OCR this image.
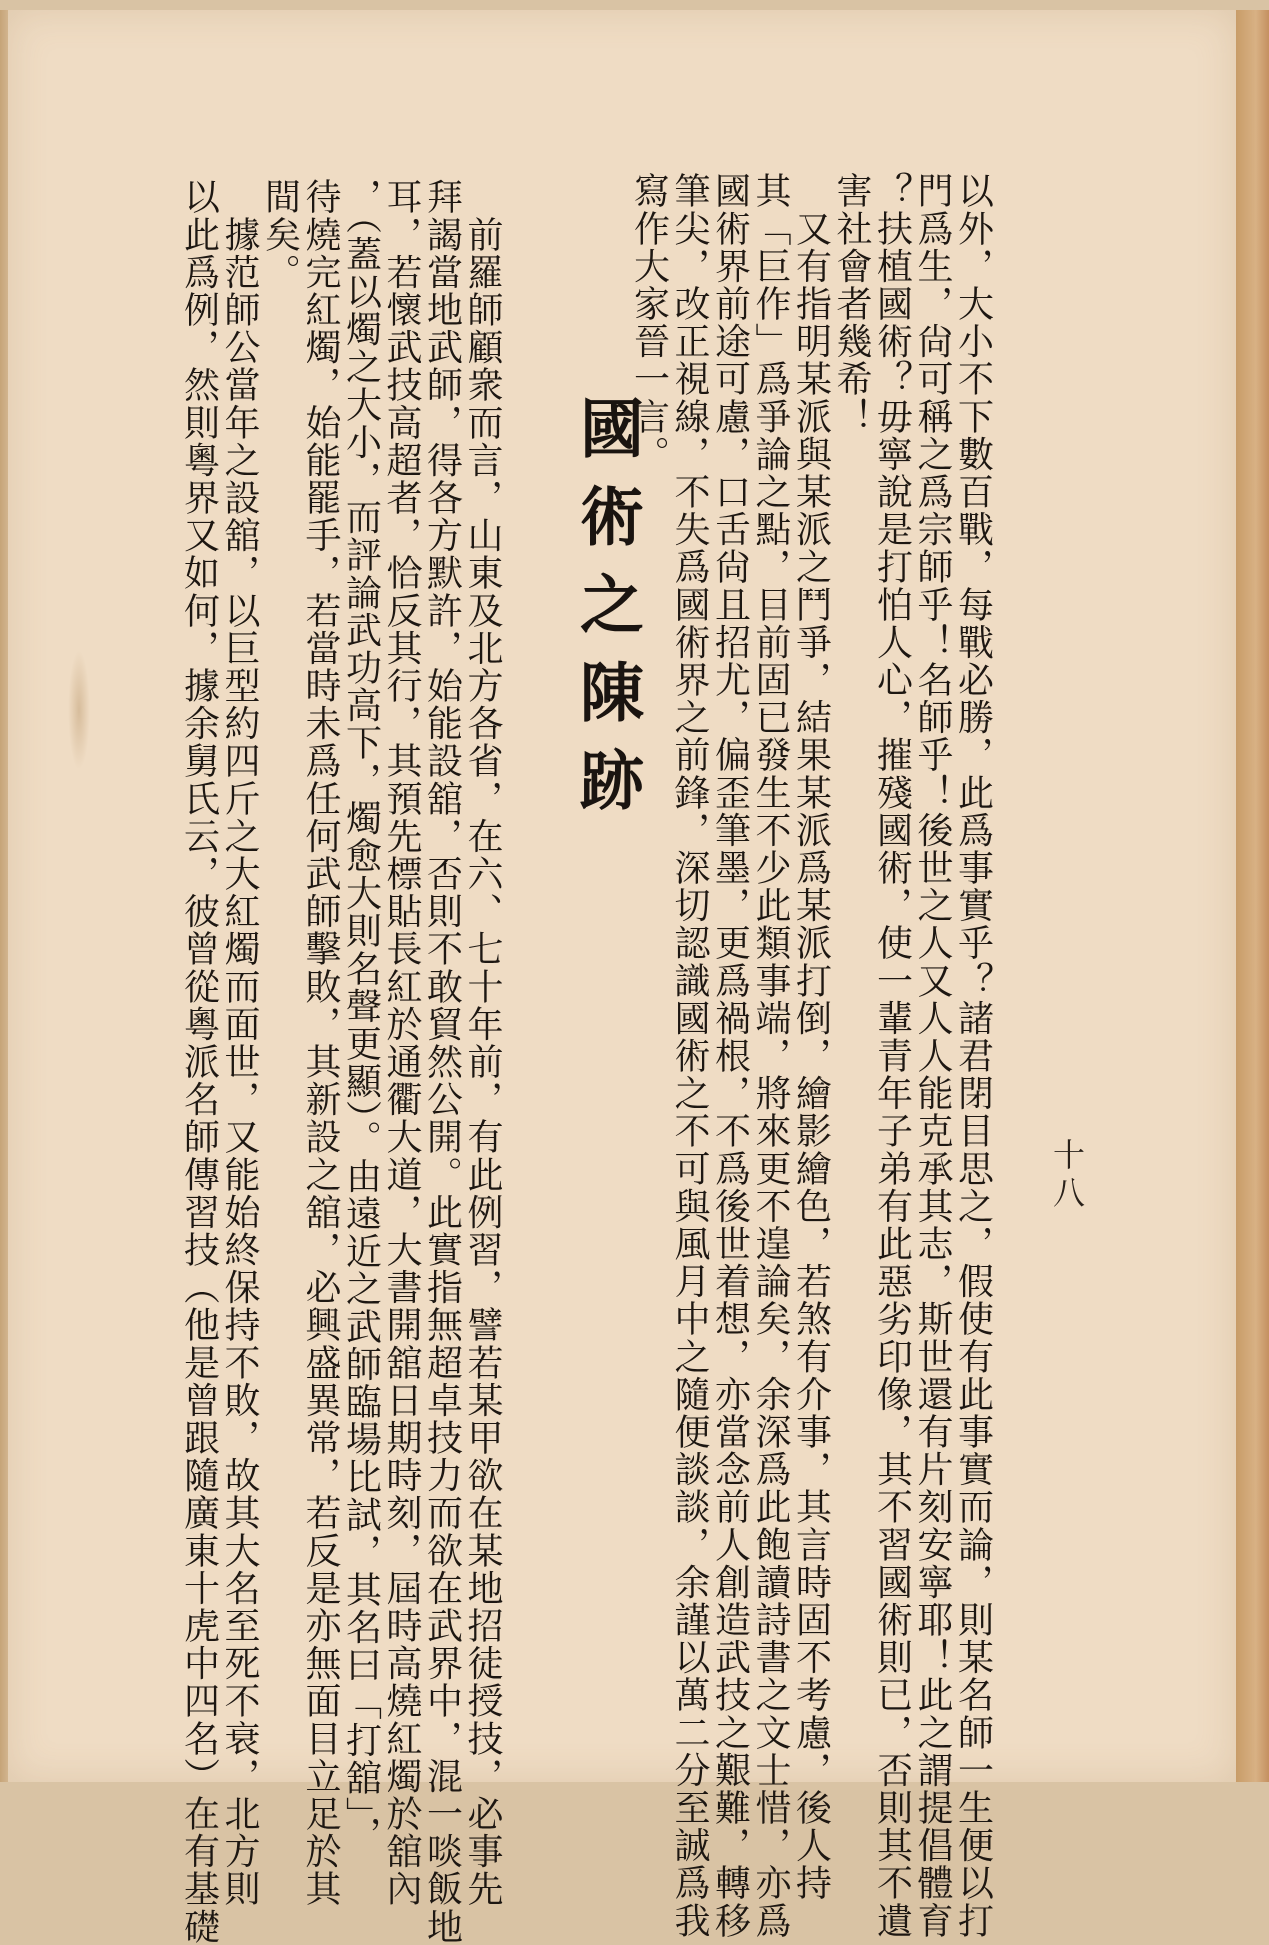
十八

以外，大小不下數百戰，每戰必勝，此爲事實乎？諸君閉目思之，假使有此事實而論，則某名師一生便以打

門爲生，尙可稱之爲宗師乎！名師乎！後世之人又人人能克承其志，斯世還有片刻安寧耶！此之謂提倡體育

？扶植國術？毋寧說是打怕人心，摧殘國術，使一輩青年子弟有此惡劣印像，其不習國術則已，否則其不遺

害社會者幾希！

　又有指明某派與某派之鬥爭，結果某派爲某派打倒，繪影繪色，若煞有介事，其言時固不考慮，後人持

其「巨作」爲爭論之點，目前固已發生不少此類事端，將來更不遑論矣，余深爲此飽讀詩書之文士惜，亦爲

國術界前途可慮，口舌尙且招尤，偏歪筆墨，更爲禍根，不爲後世着想，亦當念前人創造武技之艱難，轉移

筆尖，改正視線，不失爲國術界之前鋒，深切認識國術之不可與風月中之隨便談談，余謹以萬二分至誠爲我

寫作大家晉一言。

國術之陳跡

　前羅師顧衆而言，山東及北方各省，在六、七十年前，有此例習，譬若某甲欲在某地招徒授技，必事先

拜謁當地武師，得各方默許，始能設舘，否則不敢貿然公開。此實指無超卓技力而欲在武界中，混一啖飯地

耳，若懷武技高超者，恰反其行，其預先標貼長紅於通衢大道，大書開舘日期時刻，屆時高燒紅燭於舘內

，（蓋以燭之大小，而評論武功高下，燭愈大則名聲更顯）。由遠近之武師臨場比試，其名曰「打舘」，

待燒完紅燭，始能罷手，若當時未爲任何武師擊敗，其新設之舘，必興盛異常，若反是亦無面目立足於其

間矣。

　據范師公當年之設舘，以巨型約四斤之大紅燭而面世，又能始終保持不敗，故其大名至死不衰，北方則

以此爲例，然則粵界又如何，據余舅氏云，彼曾從粵派名師傳習技（他是曾跟隨廣東十虎中四名）在有基礎
